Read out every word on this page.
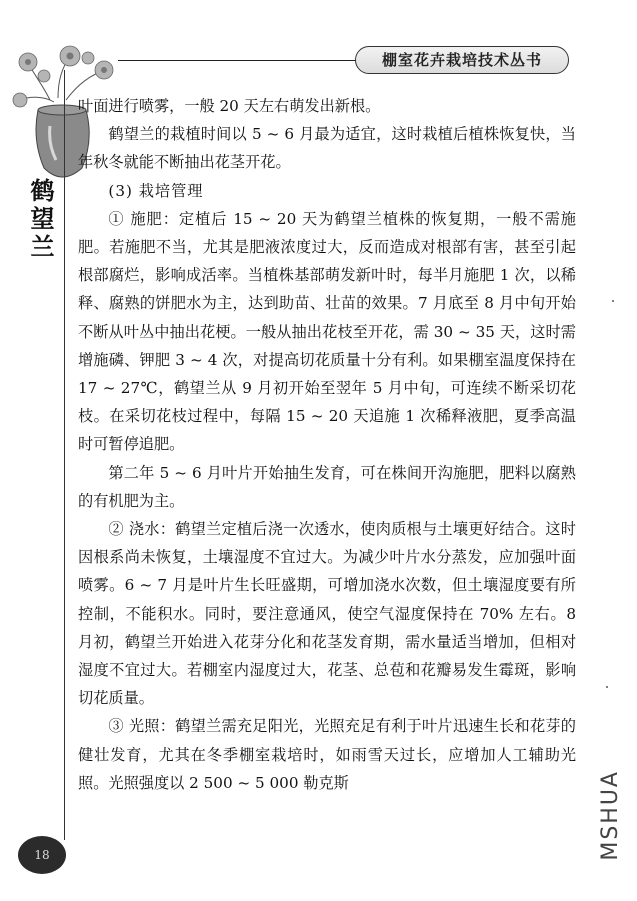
棚室花卉栽培技术丛书
鹤望兰

叶面进行喷雾，一般 20 天左右萌发出新根。

鹤望兰的栽植时间以 5 ~ 6 月最为适宜，这时栽植后植株恢复快，当年秋冬就能不断抽出花茎开花。

(3) 栽培管理

① 施肥：定植后 15 ~ 20 天为鹤望兰植株的恢复期，一般不需施肥。若施肥不当，尤其是肥液浓度过大，反而造成对根部有害，甚至引起根部腐烂，影响成活率。当植株基部萌发新叶时，每半月施肥 1 次，以稀释、腐熟的饼肥水为主，达到助苗、壮苗的效果。7 月底至 8 月中旬开始不断从叶丛中抽出花梗。一般从抽出花枝至开花，需 30 ~ 35 天，这时需增施磷、钾肥 3 ~ 4 次，对提高切花质量十分有利。如果棚室温度保持在 17 ~ 27℃，鹤望兰从 9 月初开始至翌年 5 月中旬，可连续不断采切花枝。在采切花枝过程中，每隔 15 ~ 20 天追施 1 次稀释液肥，夏季高温时可暂停追肥。

第二年 5 ~ 6 月叶片开始抽生发育，可在株间开沟施肥，肥料以腐熟的有机肥为主。

② 浇水：鹤望兰定植后浇一次透水，使肉质根与土壤更好结合。这时因根系尚未恢复，土壤湿度不宜过大。为减少叶片水分蒸发，应加强叶面喷雾。6 ~ 7 月是叶片生长旺盛期，可增加浇水次数，但土壤湿度要有所控制，不能积水。同时，要注意通风，使空气湿度保持在 70% 左右。8 月初，鹤望兰开始进入花芽分化和花茎发育期，需水量适当增加，但相对湿度不宜过大。若棚室内湿度过大，花茎、总苞和花瓣易发生霉斑，影响切花质量。

③ 光照：鹤望兰需充足阳光，光照充足有利于叶片迅速生长和花芽的健壮发育，尤其在冬季棚室栽培时，如雨雪天过长，应增加人工辅助光照。光照强度以 2 500 ~ 5 000 勒克斯

18	MSHUA
